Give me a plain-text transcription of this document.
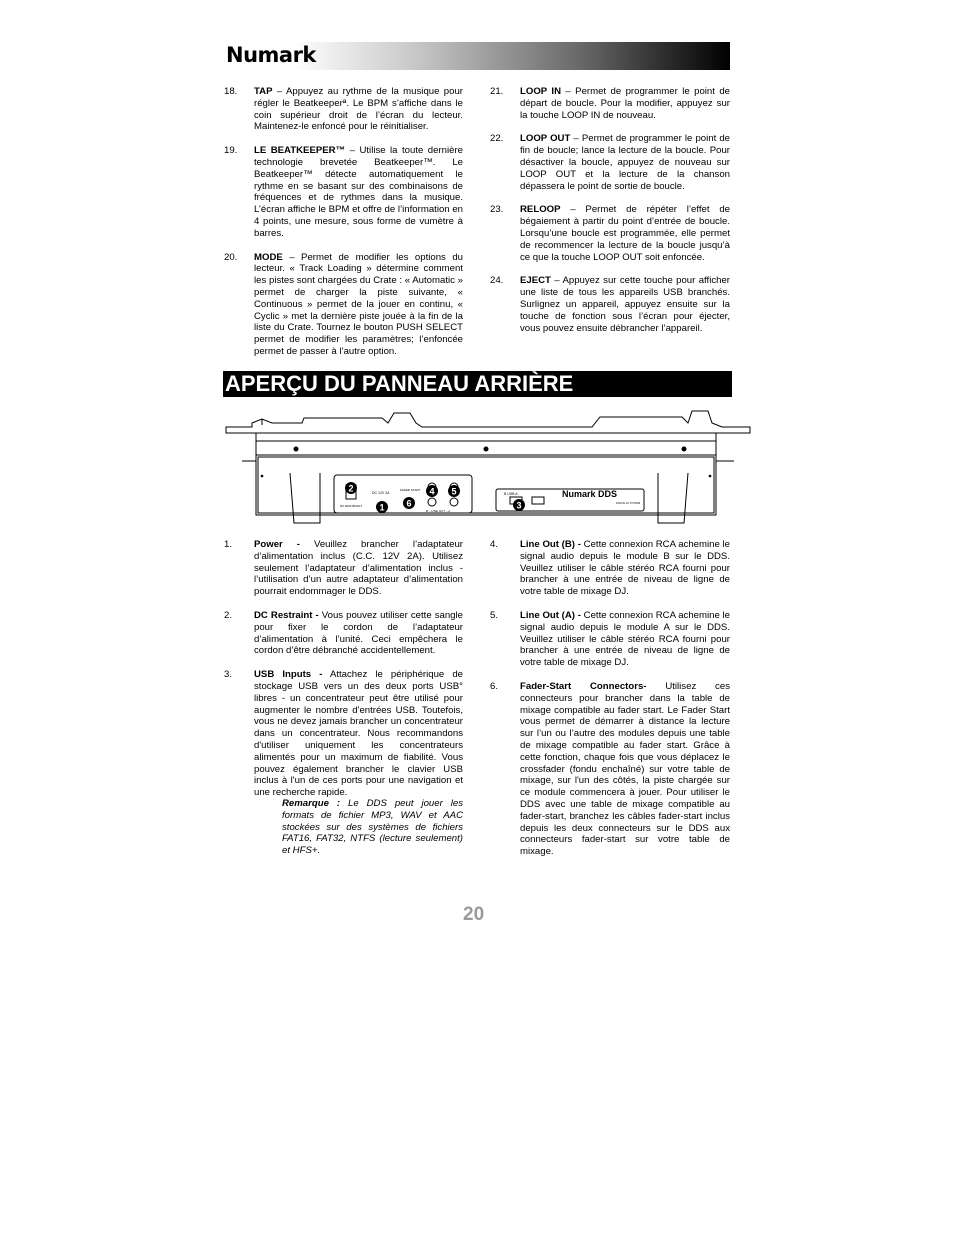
Numark
18. TAP – Appuyez au rythme de la musique pour régler le Beatkeeperª. Le BPM s’affiche dans le coin supérieur droit de l’écran du lecteur. Maintenez-le enfoncé pour le réinitialiser.
19. LE BEATKEEPER™ – Utilise la toute dernière technologie brevetée Beatkeeper™. Le Beatkeeper™ détecte automatiquement le rythme en se basant sur des combinaisons de fréquences et de rythmes dans la musique. L’écran affiche le BPM et offre de l’information en 4 points, une mesure, sous forme de vumètre à barres.
20. MODE – Permet de modifier les options du lecteur. « Track Loading » détermine comment les pistes sont chargées du Crate : « Automatic » permet de charger la piste suivante, « Continuous » permet de la jouer en continu, « Cyclic » met la dernière piste jouée à la fin de la liste du Crate. Tournez le bouton PUSH SELECT permet de modifier les paramètres; l’enfoncée permet de passer à l’autre option.
21. LOOP IN – Permet de programmer le point de départ de boucle. Pour la modifier, appuyez sur la touche LOOP IN de nouveau.
22. LOOP OUT – Permet de programmer le point de fin de boucle; lance la lecture de la boucle. Pour désactiver la boucle, appuyez de nouveau sur LOOP OUT et la lecture de la chanson dépassera le point de sortie de boucle.
23. RELOOP – Permet de répéter l’effet de bégaiement à partir du point d’entrée de boucle. Lorsqu’une boucle est programmée, elle permet de recommencer la lecture de la boucle jusqu’à ce que la touche LOOP OUT soit enfoncée.
24. EJECT – Appuyez sur cette touche pour afficher une liste de tous les appareils USB branchés. Surlignez un appareil, appuyez ensuite sur la touche de fonction sous l’écran pour éjecter, vous pouvez ensuite débrancher l’appareil.
APERÇU DU PANNEAU ARRIÈRE
DC 12V 2A
DC RESTRAINT
FADER START
B – LINE OUT – A
B USB A	Numark DDS
DIGITAL DJ SYSTEM
1
2
3
4 5
6
1. Power - Veuillez brancher l’adaptateur d’alimentation inclus (C.C. 12V 2A). Utilisez seulement l’adaptateur d’alimentation inclus - l’utilisation d’un autre adaptateur d’alimentation pourrait endommager le DDS.
2. DC Restraint - Vous pouvez utiliser cette sangle pour fixer le cordon de l’adaptateur d’alimentation à l’unité. Ceci empêchera le cordon d’être débranché accidentellement.
3. USB Inputs - Attachez le périphérique de stockage USB vers un des deux ports USB° libres - un concentrateur peut être utilisé pour augmenter le nombre d'entrées USB. Toutefois, vous ne devez jamais brancher un concentrateur dans un concentrateur. Nous recommandons d'utiliser uniquement les concentrateurs alimentés pour un maximum de fiabilité. Vous pouvez également brancher le clavier USB inclus à l'un de ces ports pour une navigation et une recherche rapide.
Remarque : Le DDS peut jouer les formats de fichier MP3, WAV et AAC stockées sur des systèmes de fichiers FAT16, FAT32, NTFS (lecture seulement) et HFS+.
4. Line Out (B) - Cette connexion RCA achemine le signal audio depuis le module B sur le DDS. Veuillez utiliser le câble stéréo RCA fourni pour brancher à une entrée de niveau de ligne de votre table de mixage DJ.
5. Line Out (A) - Cette connexion RCA achemine le signal audio depuis le module A sur le DDS. Veuillez utiliser le câble stéréo RCA fourni pour brancher à une entrée de niveau de ligne de votre table de mixage DJ.
6. Fader-Start Connectors- Utilisez ces connecteurs pour brancher dans la table de mixage compatible au fader start. Le Fader Start vous permet de démarrer à distance la lecture sur l’un ou l’autre des modules depuis une table de mixage compatible au fader start. Grâce à cette fonction, chaque fois que vous déplacez le crossfader (fondu enchaîné) sur votre table de mixage, sur l'un des côtés, la piste chargée sur ce module commencera à jouer. Pour utiliser le DDS avec une table de mixage compatible au fader-start, branchez les câbles fader-start inclus depuis les deux connecteurs sur le DDS aux connecteurs fader-start sur votre table de mixage.
20
